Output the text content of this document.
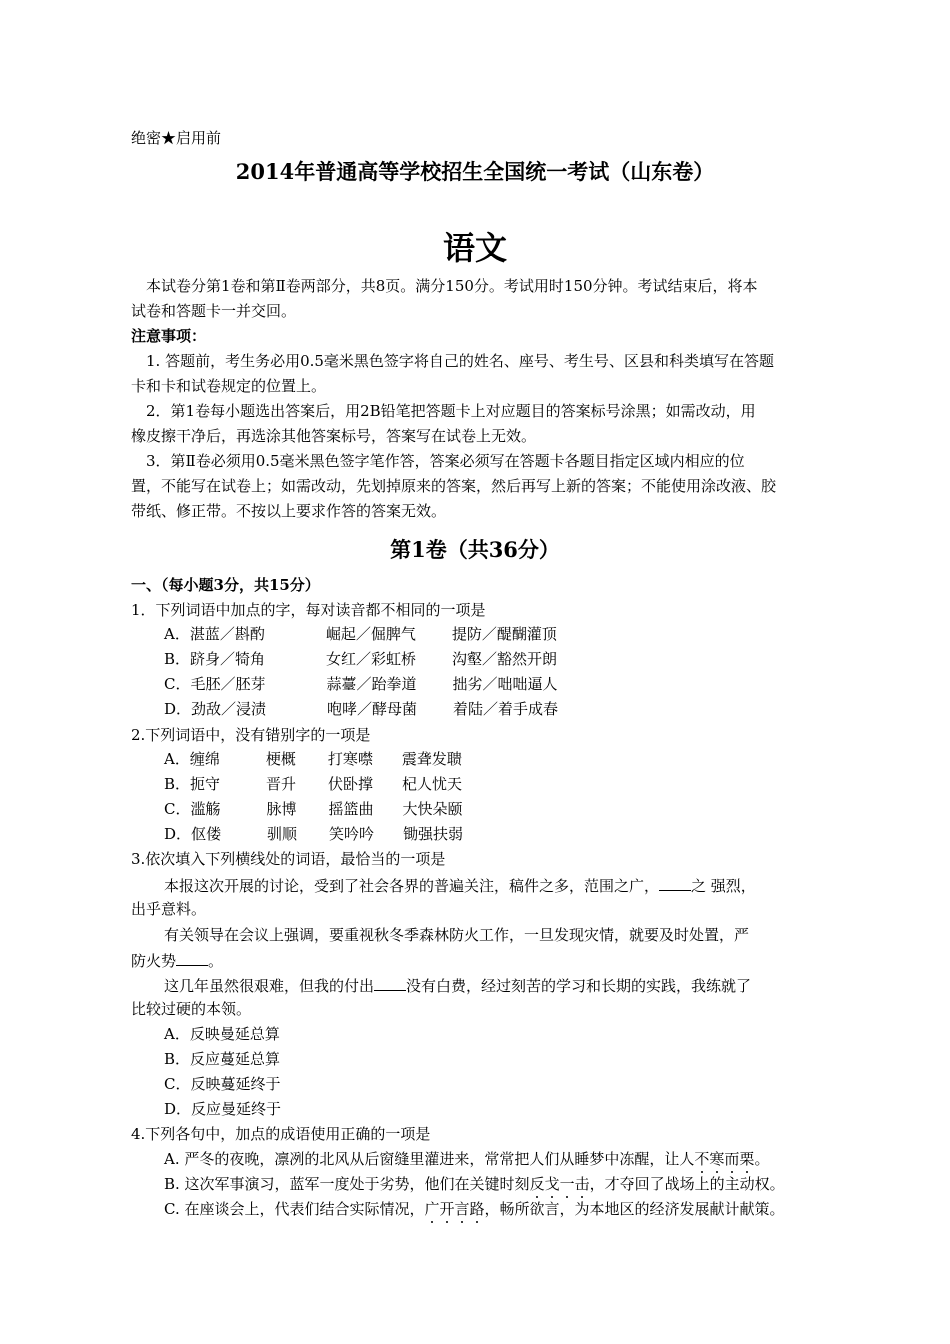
绝密★启用前
2014年普通高等学校招生全国统一考试（山东卷）
语文
本试卷分第1卷和第Ⅱ卷两部分，共8页。满分150分。考试用时150分钟。考试结束后，将本
试卷和答题卡一并交回。
注意事项：
1. 答题前，考生务必用0.5毫米黑色签字将自己的姓名、座号、考生号、区县和科类填写在答题
卡和卡和试卷规定的位置上。
2．第1卷每小题选出答案后，用2B铅笔把答题卡上对应题目的答案标号涂黑；如需改动，用
橡皮擦干净后，再选涂其他答案标号，答案写在试卷上无效。
3．第Ⅱ卷必须用0.5毫米黑色签字笔作答，答案必须写在答题卡各题目指定区域内相应的位
置，不能写在试卷上；如需改动，先划掉原来的答案，然后再写上新的答案；不能使用涂改液、胶
带纸、修正带。不按以上要求作答的答案无效。
第1卷（共36分）
一、（每小题3分，共15分）
1．下列词语中加点的字，每对读音都不相同的一项是
A．湛蓝／斟酌	崛起／倔脾气 提防／醍醐灌顶
B．跻身／犄角	女红／彩虹桥 沟壑／豁然开朗
C．毛胚／胚芽	蒜薹／跆拳道 拙劣／咄咄逼人
D．劲敌／浸渍	咆哮／酵母菌 着陆／着手成春
2.下列词语中，没有错别字的一项是
A．缠绵	梗概 打寒噤 震聋发聩
B．扼守	晋升 伏卧撑 杞人忧天
C．滥觞	脉博 摇篮曲 大快朵颐
D．伛偻	驯顺 笑吟吟 锄强扶弱
3.依次填入下列横线处的词语，最恰当的一项是
本报这次开展的讨论，受到了社会各界的普遍关注，稿件之多，范围之广， 之 强烈，
出乎意料。
有关领导在会议上强调，要重视秋冬季森林防火工作，一旦发现灾情，就要及时处置，严
防火势 。
这几年虽然很艰难，但我的付出 没有白费，经过刻苦的学习和长期的实践，我练就了
比较过硬的本领。
A．反映曼延总算
B．反应蔓延总算
C．反映蔓延终于
D．反应曼延终于
4.下列各句中，加点的成语使用正确的一项是
A. 严冬的夜晚，凛冽的北风从后窗缝里灌进来，常常把人们从睡梦中冻醒，让人不寒而栗。
B. 这次军事演习，蓝军一度处于劣势，他们在关键时刻反戈一击，才夺回了战场上的主动权。
C. 在座谈会上，代表们结合实际情况，广开言路，畅所欲言，为本地区的经济发展献计献策。
